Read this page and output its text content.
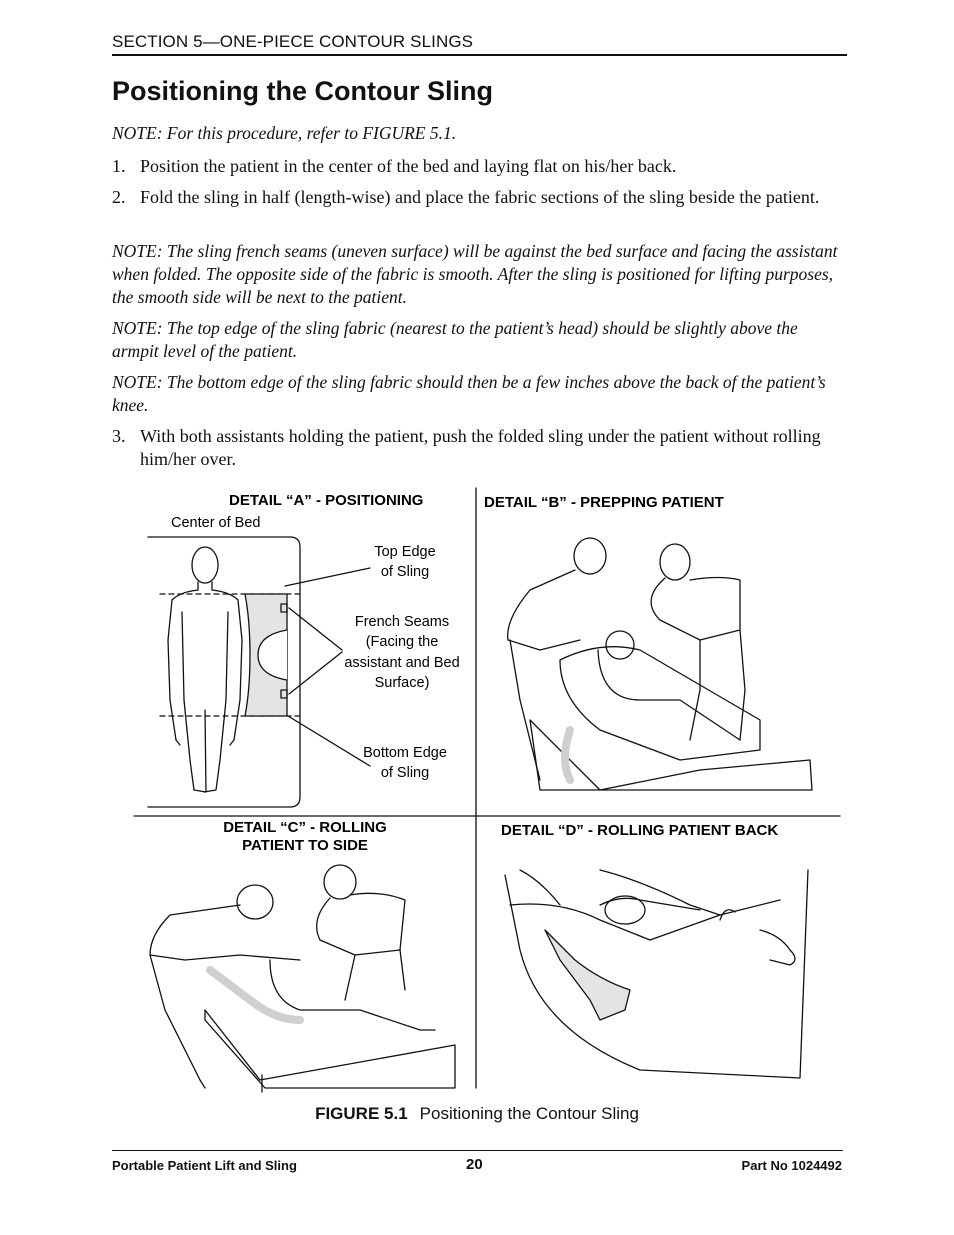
SECTION 5—ONE-PIECE CONTOUR SLINGS
Positioning the Contour Sling

NOTE: For this procedure, refer to FIGURE 5.1.

1. Position the patient in the center of the bed and laying flat on his/her back.

2. Fold the sling in half (length-wise) and place the fabric sections of the sling beside the patient.

NOTE: The sling french seams (uneven surface) will be against the bed surface and facing the assistant when folded. The opposite side of the fabric is smooth. After the sling is positioned for lifting purposes, the smooth side will be next to the patient.

NOTE: The top edge of the sling fabric (nearest to the patient’s head) should be slightly above the armpit level of the patient.

NOTE: The bottom edge of the sling fabric should then be a few inches above the back of the patient’s knee.

3. With both assistants holding the patient, push the folded sling under the patient without rolling him/her over.

DETAIL “A” - POSITIONING
Center of Bed
Top Edge
of Sling
French Seams
(Facing the
assistant and Bed
Surface)
Bottom Edge
of Sling
DETAIL “B” - PREPPING PATIENT
DETAIL “C” - ROLLING
PATIENT TO SIDE
DETAIL “D” - ROLLING PATIENT BACK
FIGURE 5.1 Positioning the Contour Sling
Portable Patient Lift and Sling	20	Part No 1024492
